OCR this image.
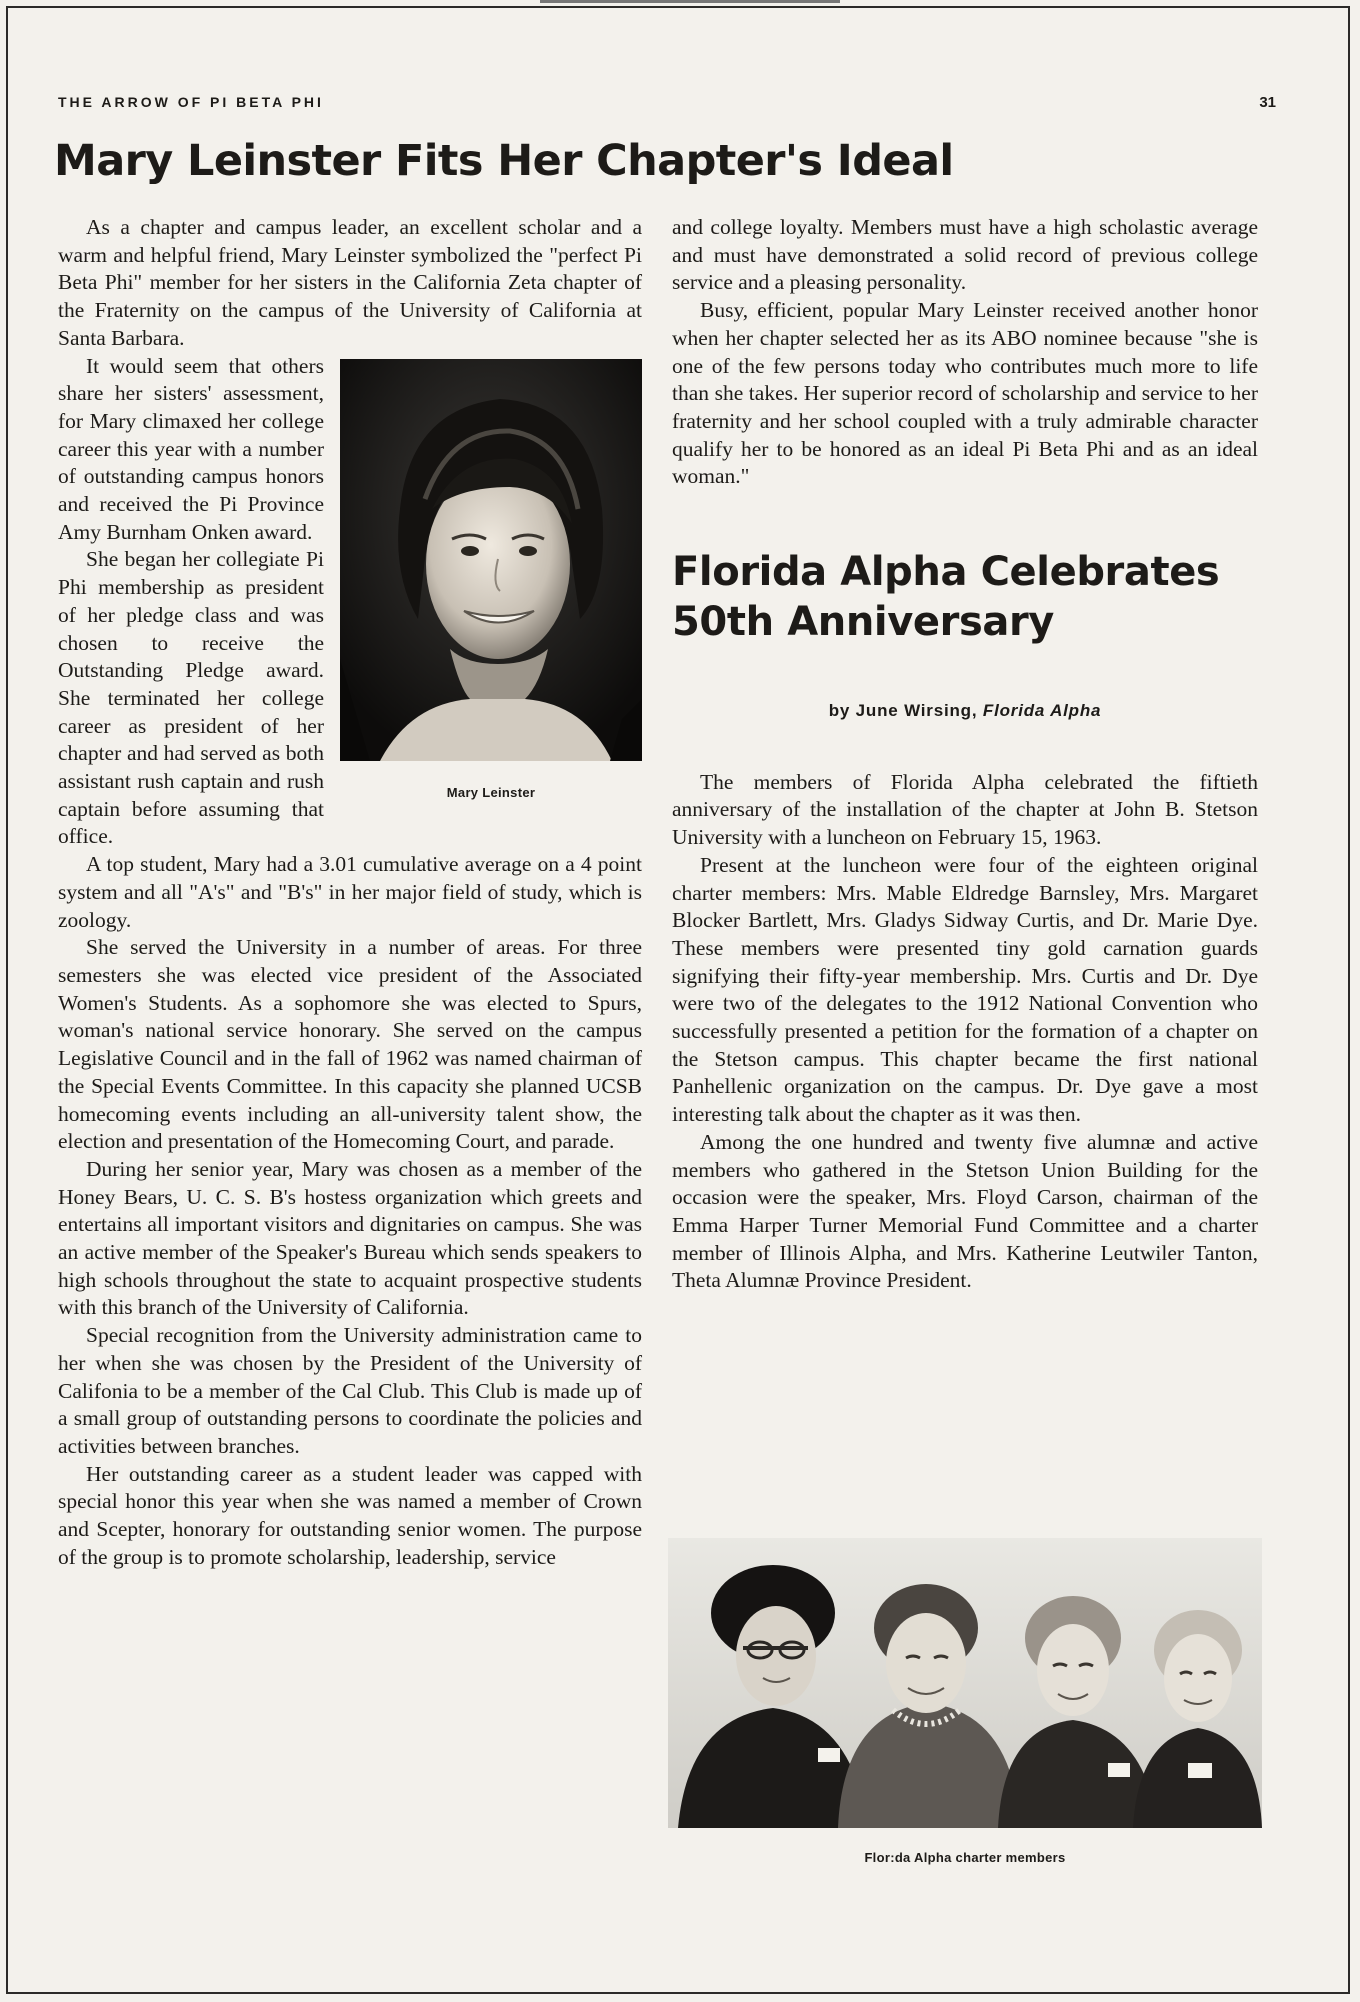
THE ARROW OF PI BETA PHI	31
Mary Leinster Fits Her Chapter's Ideal

As a chapter and campus leader, an excellent scholar and a warm and helpful friend, Mary Leinster symbolized the "perfect Pi Beta Phi" member for her sisters in the California Zeta chapter of the Fraternity on the campus of the University of California at Santa Barbara.

Mary Leinster

It would seem that others share her sisters' assessment, for Mary climaxed her college career this year with a number of outstanding campus honors and received the Pi Province Amy Burnham Onken award.

She began her collegiate Pi Phi membership as president of her pledge class and was chosen to receive the Outstanding Pledge award. She terminated her college career as president of her chapter and had served as both assistant rush captain and rush captain before assuming that office.

A top student, Mary had a 3.01 cumulative average on a 4 point system and all "A's" and "B's" in her major field of study, which is zoology.

She served the University in a number of areas. For three semesters she was elected vice president of the Associated Women's Students. As a sophomore she was elected to Spurs, woman's national service honorary. She served on the campus Legislative Council and in the fall of 1962 was named chairman of the Special Events Committee. In this capacity she planned UCSB homecoming events including an all-university talent show, the election and presentation of the Homecoming Court, and parade.

During her senior year, Mary was chosen as a member of the Honey Bears, U. C. S. B's hostess organization which greets and entertains all important visitors and dignitaries on campus. She was an active member of the Speaker's Bureau which sends speakers to high schools throughout the state to acquaint prospective students with this branch of the University of California.

Special recognition from the University administration came to her when she was chosen by the President of the University of Califonia to be a member of the Cal Club. This Club is made up of a small group of outstanding persons to coordinate the policies and activities between branches.

Her outstanding career as a student leader was capped with special honor this year when she was named a member of Crown and Scepter, honorary for outstanding senior women. The purpose of the group is to promote scholarship, leadership, service

and college loyalty. Members must have a high scholastic average and must have demonstrated a solid record of previous college service and a pleasing personality.

Busy, efficient, popular Mary Leinster received another honor when her chapter selected her as its ABO nominee because "she is one of the few persons today who contributes much more to life than she takes. Her superior record of scholarship and service to her fraternity and her school coupled with a truly admirable character qualify her to be honored as an ideal Pi Beta Phi and as an ideal woman."

Florida Alpha Celebrates
50th Anniversary
by June Wirsing, Florida Alpha

The members of Florida Alpha celebrated the fiftieth anniversary of the installation of the chapter at John B. Stetson University with a luncheon on February 15, 1963.

Present at the luncheon were four of the eighteen original charter members: Mrs. Mable Eldredge Barnsley, Mrs. Margaret Blocker Bartlett, Mrs. Gladys Sidway Curtis, and Dr. Marie Dye. These members were presented tiny gold carnation guards signifying their fifty-year membership. Mrs. Curtis and Dr. Dye were two of the delegates to the 1912 National Convention who successfully presented a petition for the formation of a chapter on the Stetson campus. This chapter became the first national Panhellenic organization on the campus. Dr. Dye gave a most interesting talk about the chapter as it was then.

Among the one hundred and twenty five alumnæ and active members who gathered in the Stetson Union Building for the occasion were the speaker, Mrs. Floyd Carson, chairman of the Emma Harper Turner Memorial Fund Committee and a charter member of Illinois Alpha, and Mrs. Katherine Leutwiler Tanton, Theta Alumnæ Province President.

Flor:da Alpha charter members
